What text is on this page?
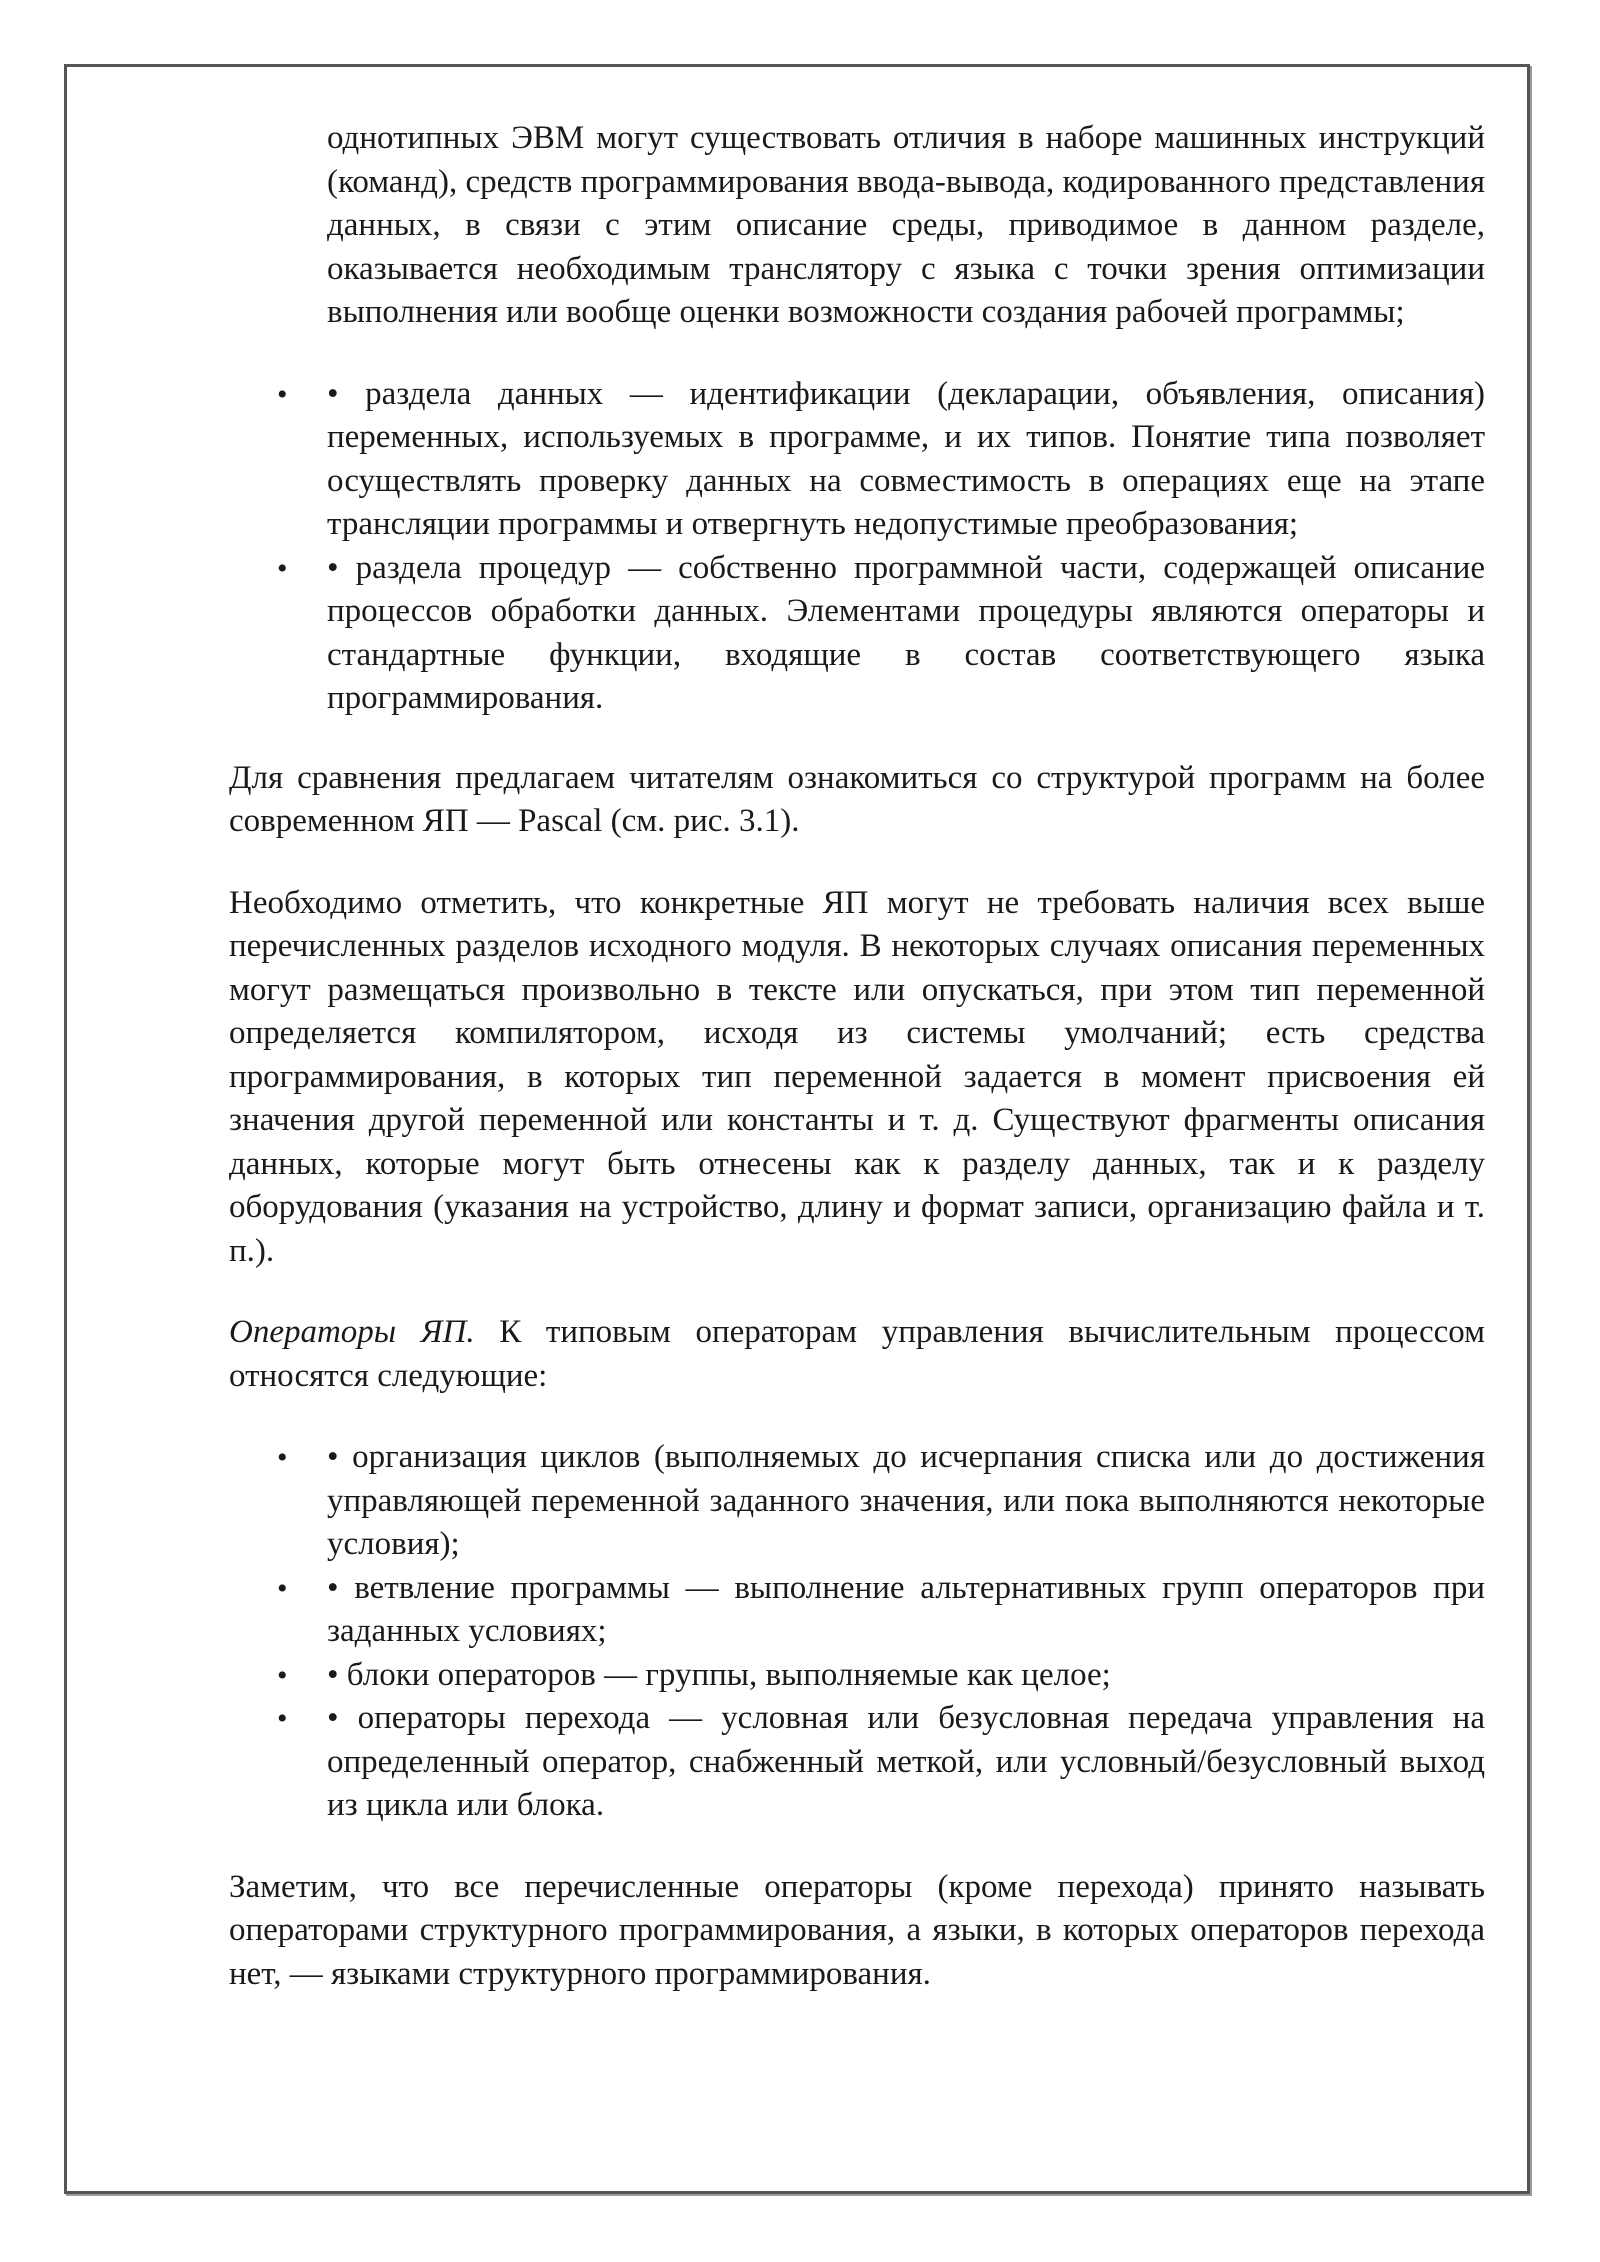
однотипных ЭВМ могут существовать отличия в наборе машинных инструкций (команд), средств программирования ввода-вывода, кодированного представления данных, в связи с этим описание среды, приводимое в данном разделе, оказывается необходимым транслятору с языка с точки зрения оптимизации выполнения или вообще оценки возможности создания рабочей программы;

• • раздела данных — идентификации (декларации, объявления, описания) переменных, используемых в программе, и их типов. Понятие типа позволяет осуществлять проверку данных на совместимость в операциях еще на этапе трансляции программы и отвергнуть недопустимые преобразования;
• • раздела процедур — собственно программной части, содержащей описание процессов обработки данных. Элементами процедуры являются операторы и стандартные функции, входящие в состав соответствующего языка программирования.

Для сравнения предлагаем читателям ознакомиться со структурой программ на более современном ЯП — Pascal (см. рис. 3.1).

Необходимо отметить, что конкретные ЯП могут не требовать наличия всех выше перечисленных разделов исходного модуля. В некоторых случаях описания переменных могут размещаться произвольно в тексте или опускаться, при этом тип переменной определяется компилятором, исходя из системы умолчаний; есть средства программирования, в которых тип переменной задается в момент присвоения ей значения другой переменной или константы и т. д. Существуют фрагменты описания данных, которые могут быть отнесены как к разделу данных, так и к разделу оборудования (указания на устройство, длину и формат записи, организацию файла и т. п.).

Операторы ЯП. К типовым операторам управления вычислительным процессом относятся следующие:

• • организация циклов (выполняемых до исчерпания списка или до достижения управляющей переменной заданного значения, или пока выполняются некоторые условия);
• • ветвление программы — выполнение альтернативных групп операторов при заданных условиях;
• • блоки операторов — группы, выполняемые как целое;
• • операторы перехода — условная или безусловная передача управления на определенный оператор, снабженный меткой, или условный/безусловный выход из цикла или блока.

Заметим, что все перечисленные операторы (кроме перехода) принято называть операторами структурного программирования, а языки, в которых операторов перехода нет, — языками структурного программирования.
